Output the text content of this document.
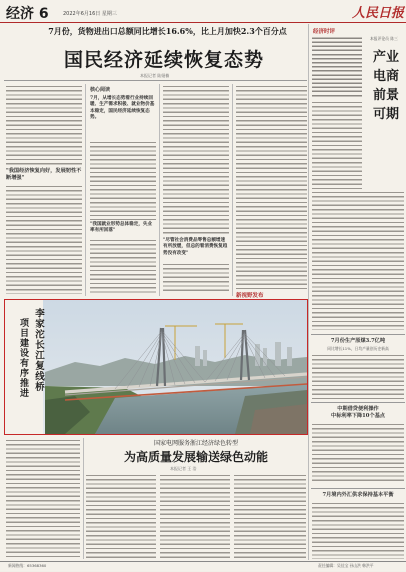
经济 6	2022年6月16日 星期三	人民日报
7月份，货物进出口总额同比增长16.6%，比上月加快2.3个百分点
国民经济延续恢复态势
本报记者 陆娅楠
"我国经济恢复向好，发展韧性不断增强"
核心阅读
7月，从增长态势看行业持续回暖、生产需求积极、就业物价基本稳定，国民经济延续恢复态势。
"我国就业形势总体稳定，失业率有所回落"
"尽管社会消费品零售总额增速有所放缓，但总的看消费恢复趋势没有改变"
新视野发布
经济时评
本报评论员 陈三
产业电商 前景可期
7月份生产原煤3.7亿吨
同比增长11%，日均产量创历史新高
中期借贷便利操作
中标利率下降10个基点
7月境内外汇供求保持基本平衡
李家沱长江复线桥
项目建设有序推进
国家电网服务浙江经济绿色转型
为高质量发展输送绿色动能
本报记者 王 浩
新闻热线：65368360	责任编辑：吴佳宝 孙山洪 韩洪平
